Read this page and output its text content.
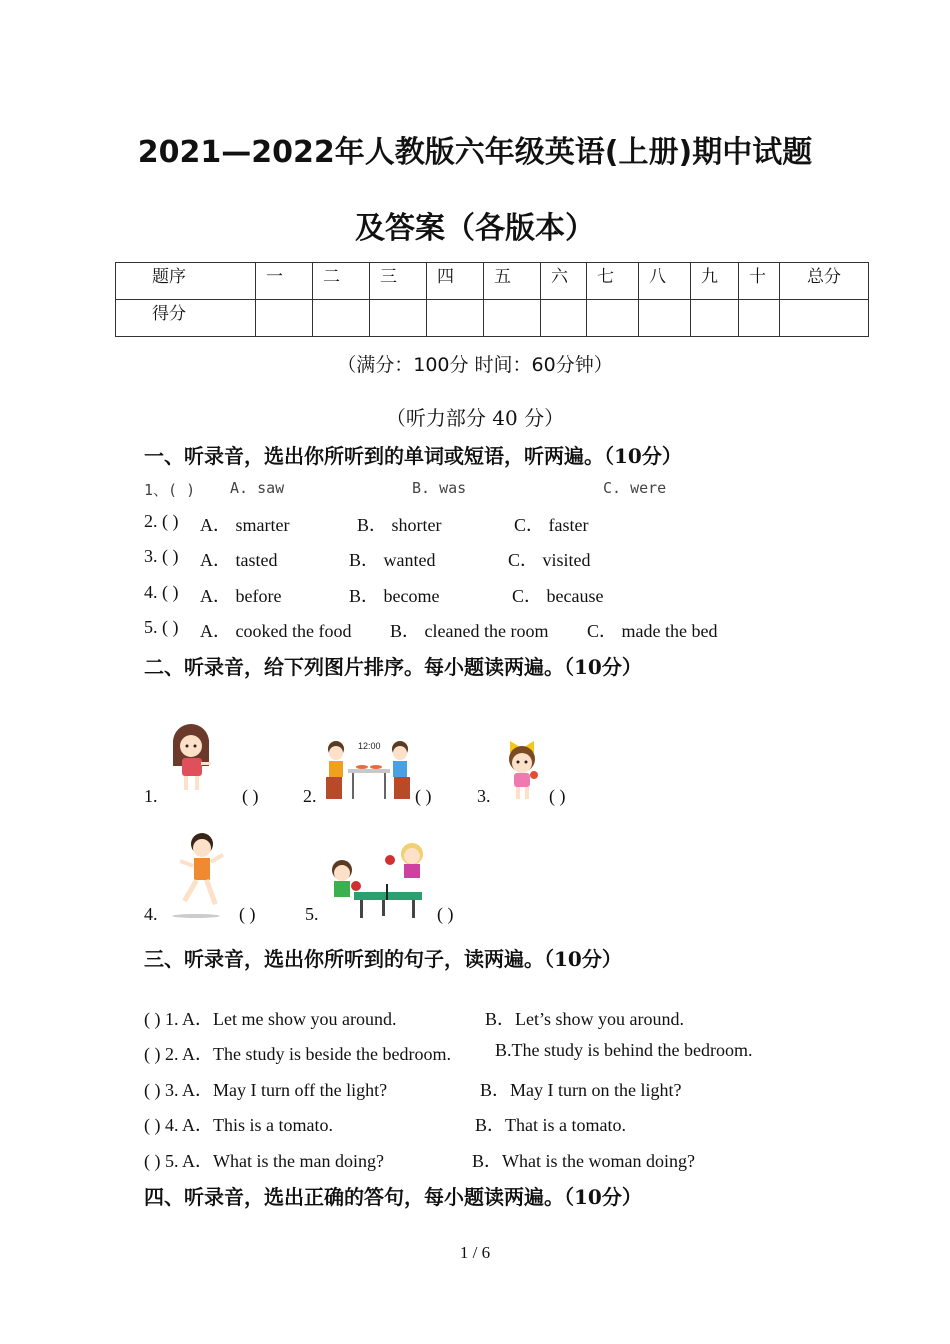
2021—2022年人教版六年级英语(上册)期中试题
及答案（各版本）
题序	一	二	三	四	五	六	七	八	九	十	总分
得分											
（满分：100分 时间：60分钟）
（听力部分 40 分）
一、听录音，选出你所听到的单词或短语，听两遍。（10分）
1、( ) A. saw	B. was	C. were
2. ( ) A． smarter	B． shorter	C． faster
3. ( ) A． tasted	B． wanted	C． visited
4. ( ) A． before	B． become	C． because
5. ( ) A． cooked the food B． cleaned the room C． made the bed
二、听录音，给下列图片排序。每小题读两遍。（10分）
1.	( ) 2.
12:00
( )	3.	( )
4.	( )	5.	( )
三、听录音，选出你所听到的句子，读两遍。（10分）
( ) 1. A．Let me show you around.	B．Let’s show you around.
( ) 2. A．The study is beside the bedroom. B.The study is behind the bedroom.
( ) 3. A．May I turn off the light?	B．May I turn on the light?
( ) 4. A．This is a tomato.	B．That is a tomato.
( ) 5. A．What is the man doing?	B．What is the woman doing?
四、听录音，选出正确的答句，每小题读两遍。（10分）
1 / 6
